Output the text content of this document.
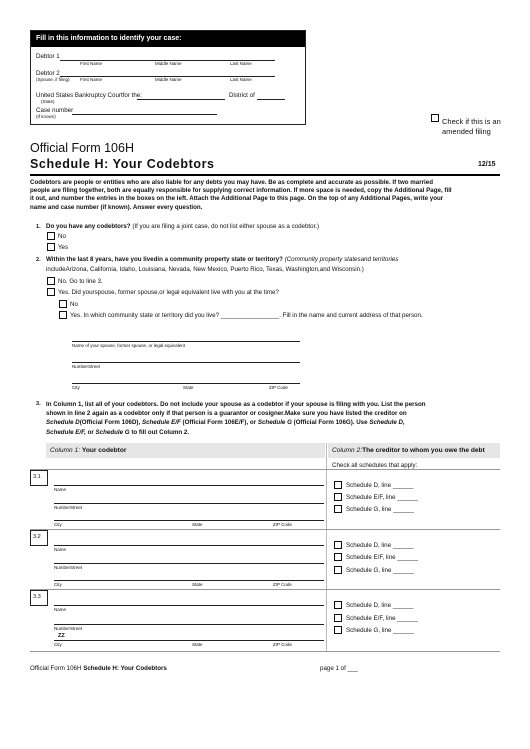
Fill in this information to identify your case:
Debtor 1
First Name	Middle Name	Last Name
Debtor 2
(Spouse, if filing) First Name	Middle Name	Last Name
United States Bankruptcy Courtfor the:	District of
(State)
Case number
(If known)
Check if this is an
amended filing
Official Form 106H
Schedule H: Your Codebtors	12/15
Codebtors are people or entities who are also liable for any debts you may have. Be as complete and accurate as possible. If two married
people are filing together, both are equally responsible for supplying correct information. If more space is needed, copy the Additional Page, fill
it out, and number the entries in the boxes on the left. Attach the Additional Page to this page. On the top of any Additional Pages, write your
name and case number (if known). Answer every question.
1. Do you have any codebtors? (If you are filing a joint case, do not list either spouse as a codebtor.)
No
Yes
2. Within the last 8 years, have you livedin a community property state or territory? (Community property statesand territories
includeArizona, California, Idaho, Louisiana, Nevada, New Mexico, Puerto Rico, Texas, Washington,and Wisconsin.)
No. Go to line 3.
Yes. Did yourspouse, former spouse,or legal equivalent live with you at the time?
No
Yes. In which community state or territory did you live? _________________. Fill in the name and current address of that person.
Name of your spouse, former spouse, or legal equivalent
NumberStreet
City	State	ZIP Code
3. In Column 1, list all of your codebtors. Do not include your spouse as a codebtor if your spouse is filing with you. List the person
shown in line 2 again as a codebtor only if that person is a guarantor or cosigner.Make sure you have listed the creditor on
Schedule D(Official Form 106D), Schedule E/F (Official Form 106E/F), or Schedule G (Official Form 106G). Use Schedule D,
Schedule E/F, or Schedule G to fill out Column 2.
Column 1: Your codebtor	Column 2:The creditor to whom you owe the debt
Check all schedules that apply:
3.1
Name
NumberStreet
City	State	ZIP Code
Schedule D, line ______
Schedule E/F, line ______
Schedule G, line ______
3.2
Name
NumberStreet
City	State	ZIP Code
Schedule D, line ______
Schedule E/F, line ______
Schedule G, line ______
3.3
Name
NumberStreet
ZZ
City	State	ZIP Code
Schedule D, line ______
Schedule E/F, line ______
Schedule G, line ______
Official Form 106H Schedule H: Your Codebtors	page 1 of ___
